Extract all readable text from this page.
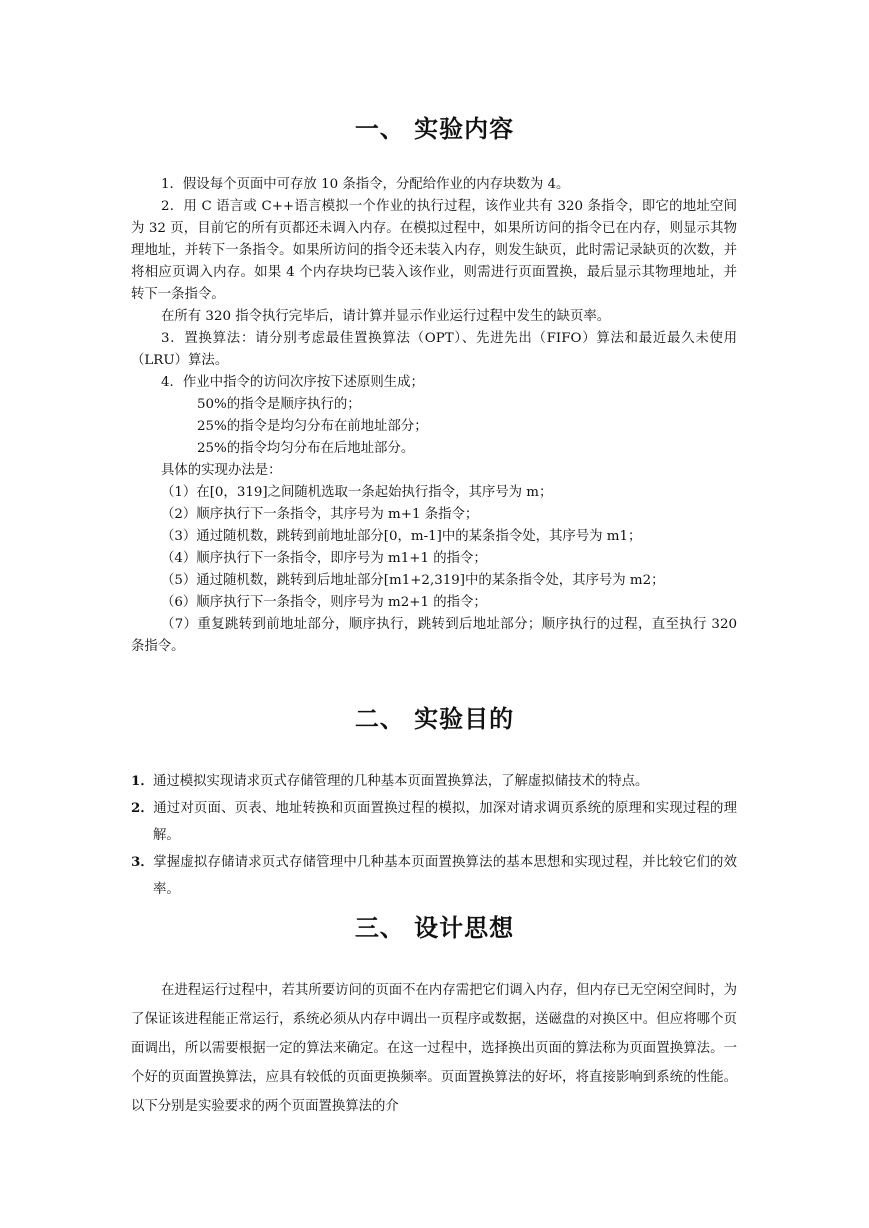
一、 实验内容

1．假设每个页面中可存放 10 条指令，分配给作业的内存块数为 4。

2．用 C 语言或 C++语言模拟一个作业的执行过程，该作业共有 320 条指令，即它的地址空间为 32 页，目前它的所有页都还未调入内存。在模拟过程中，如果所访问的指令已在内存，则显示其物理地址，并转下一条指令。如果所访问的指令还未装入内存，则发生缺页，此时需记录缺页的次数，并将相应页调入内存。如果 4 个内存块均已装入该作业，则需进行页面置换，最后显示其物理地址，并转下一条指令。

在所有 320 指令执行完毕后，请计算并显示作业运行过程中发生的缺页率。

3．置换算法：请分别考虑最佳置换算法（OPT）、先进先出（FIFO）算法和最近最久未使用（LRU）算法。

4．作业中指令的访问次序按下述原则生成；

50%的指令是顺序执行的；

25%的指令是均匀分布在前地址部分；

25%的指令均匀分布在后地址部分。

具体的实现办法是：

（1）在[0，319]之间随机选取一条起始执行指令，其序号为 m；

（2）顺序执行下一条指令，其序号为 m+1 条指令；

（3）通过随机数，跳转到前地址部分[0，m-1]中的某条指令处，其序号为 m1；

（4）顺序执行下一条指令，即序号为 m1+1 的指令；

（5）通过随机数，跳转到后地址部分[m1+2,319]中的某条指令处，其序号为 m2；

（6）顺序执行下一条指令，则序号为 m2+1 的指令；

（7）重复跳转到前地址部分，顺序执行，跳转到后地址部分；顺序执行的过程，直至执行 320 条指令。

二、 实验目的

1．通过模拟实现请求页式存储管理的几种基本页面置换算法，了解虚拟储技术的特点。

2．通过对页面、页表、地址转换和页面置换过程的模拟，加深对请求调页系统的原理和实现过程的理解。

3．掌握虚拟存储请求页式存储管理中几种基本页面置换算法的基本思想和实现过程，并比较它们的效率。

三、 设计思想

在进程运行过程中，若其所要访问的页面不在内存需把它们调入内存，但内存已无空闲空间时，为了保证该进程能正常运行，系统必须从内存中调出一页程序或数据，送磁盘的对换区中。但应将哪个页面调出，所以需要根据一定的算法来确定。在这一过程中，选择换出页面的算法称为页面置换算法。一个好的页面置换算法，应具有较低的页面更换频率。页面置换算法的好坏，将直接影响到系统的性能。以下分别是实验要求的两个页面置换算法的介
